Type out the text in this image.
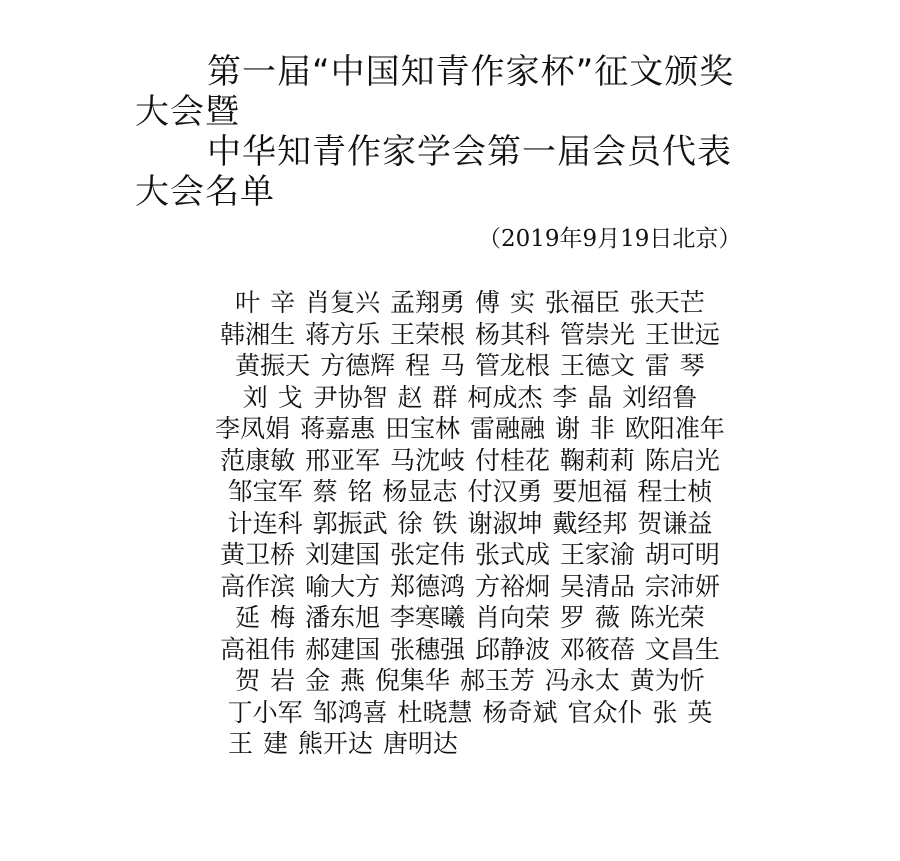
第一届“中国知青作家杯”征文颁奖
大会暨
中华知青作家学会第一届会员代表
大会名单
（2019年9月19日北京）
叶 辛 肖复兴 孟翔勇 傅 实 张福臣 张天芒
韩湘生 蒋方乐 王荣根 杨其科 管崇光 王世远
黄振天 方德辉 程 马 管龙根 王德文 雷 琴
刘 戈 尹协智 赵 群 柯成杰 李 晶 刘绍鲁
李凤娟 蒋嘉惠 田宝林 雷融融 谢 非 欧阳准年
范康敏 邢亚军 马沈岐 付桂花 鞠莉莉 陈启光
邹宝军 蔡 铭 杨显志 付汉勇 要旭福 程士桢
计连科 郭振武 徐 铁 谢淑坤 戴经邦 贺谦益
黄卫桥 刘建国 张定伟 张式成 王家渝 胡可明
高作滨 喻大方 郑德鸿 方裕炯 吴清品 宗沛妍
延 梅 潘东旭 李寒曦 肖向荣 罗 薇 陈光荣
高祖伟 郝建国 张穗强 邱静波 邓筱蓓 文昌生
贺 岩 金 燕 倪集华 郝玉芳 冯永太 黄为忻
丁小军 邹鸿喜 杜晓慧 杨奇斌 官众仆 张 英
王 建 熊开达 唐明达
